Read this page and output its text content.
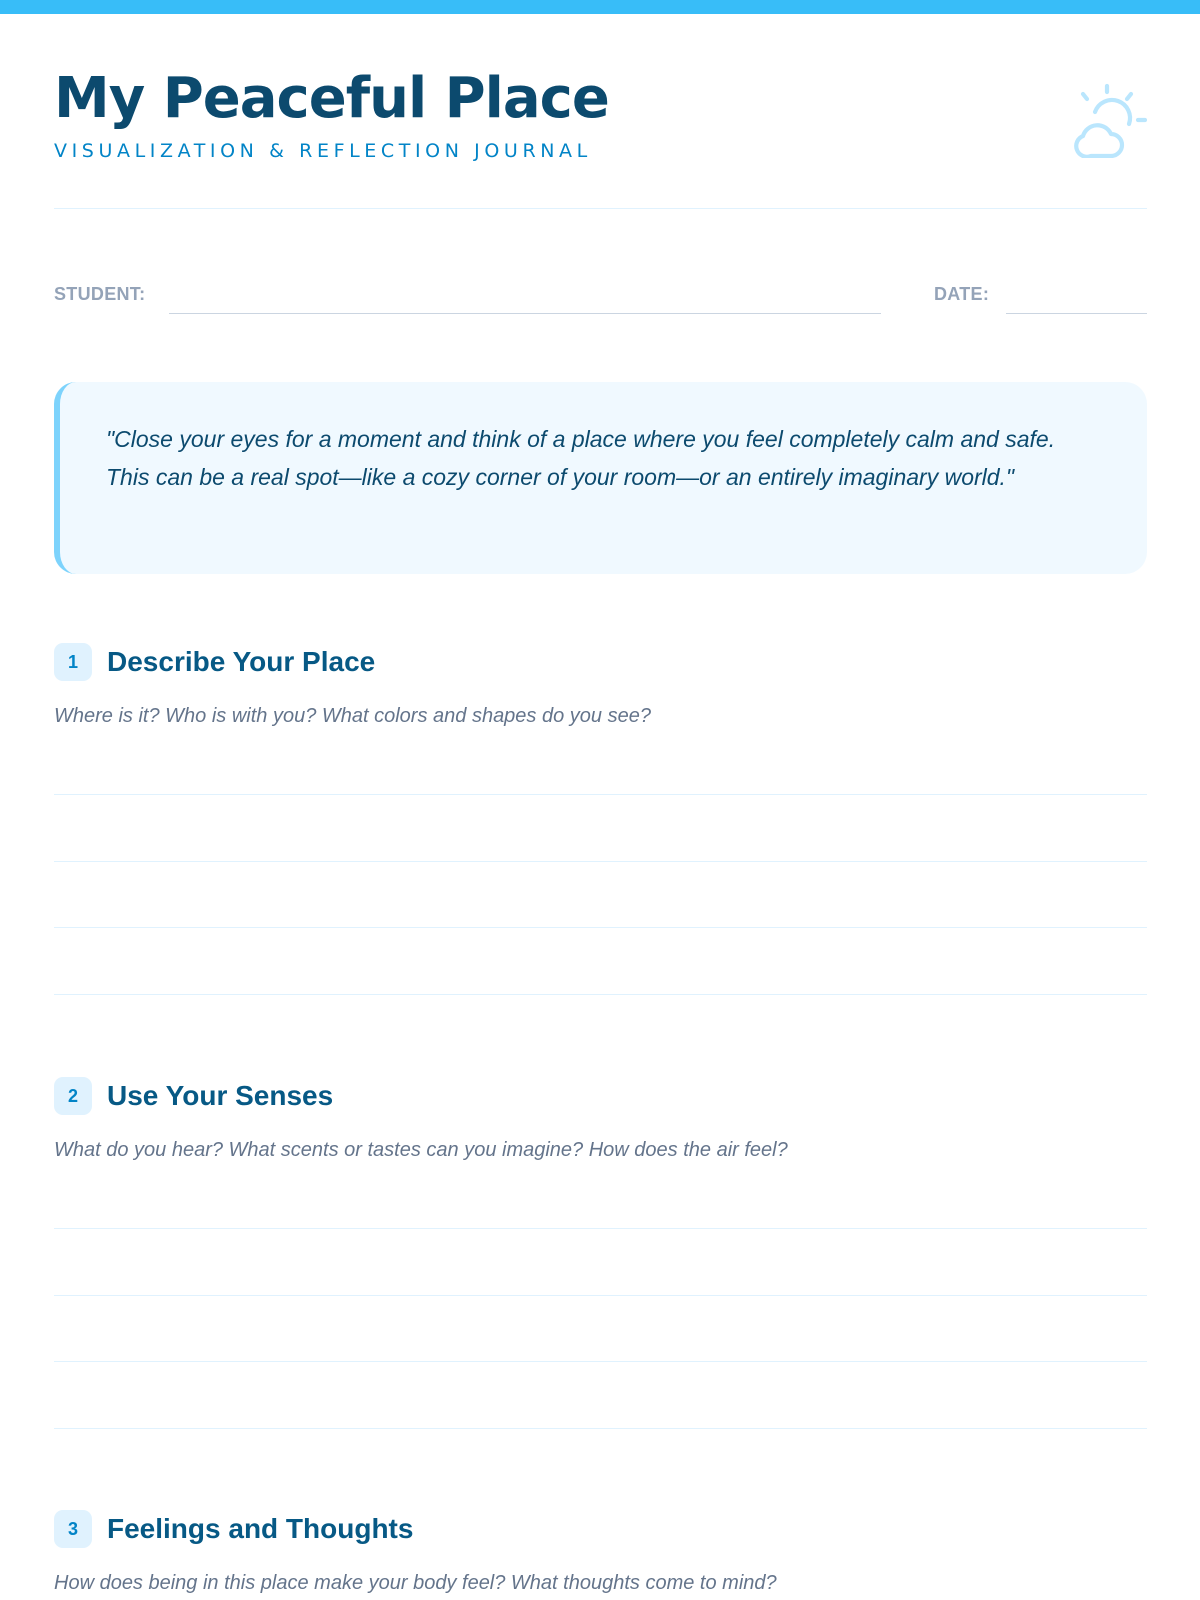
My Peaceful Place
VISUALIZATION & REFLECTION JOURNAL
STUDENT:	DATE:

"Close your eyes for a moment and think of a place where you feel completely calm and safe. This can be a real spot—like a cozy corner of your room—or an entirely imaginary world."

1	Describe Your Place
Where is it? Who is with you? What colors and shapes do you see?
2	Use Your Senses
What do you hear? What scents or tastes can you imagine? How does the air feel?
3	Feelings and Thoughts
How does being in this place make your body feel? What thoughts come to mind?
